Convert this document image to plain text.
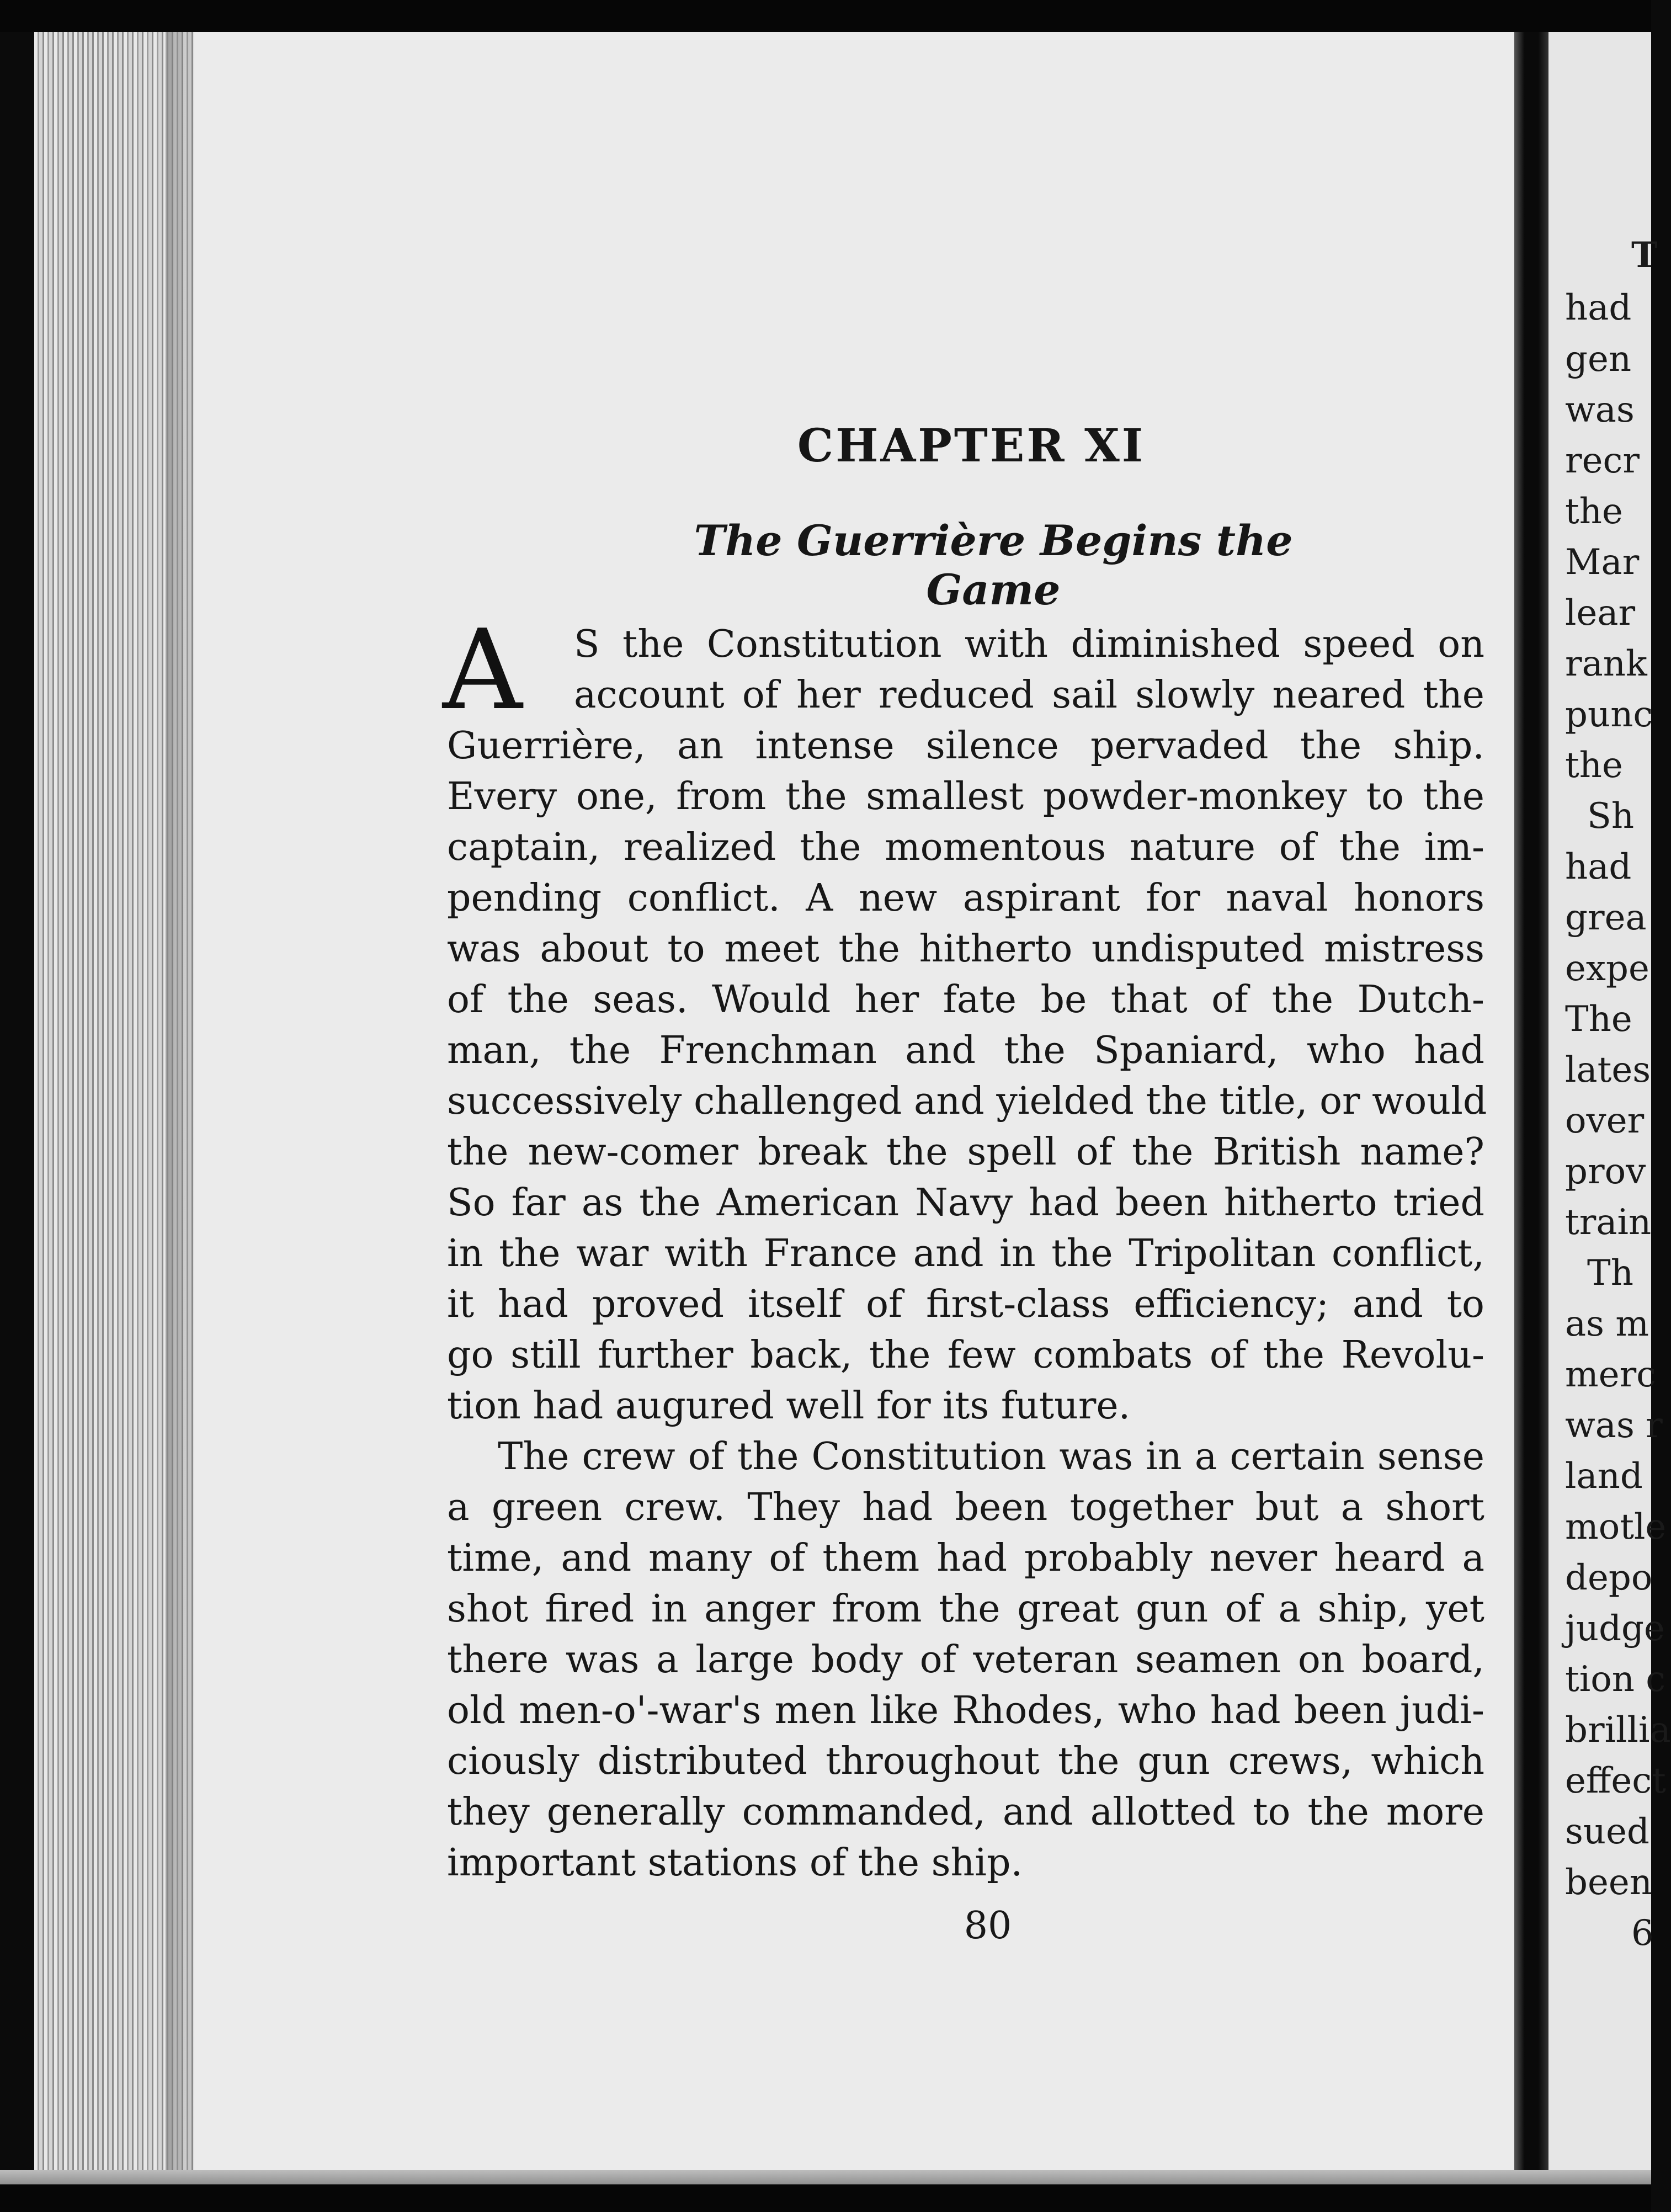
CHAPTER XI
The Guerrière Begins the Game
A	S the Constitution with diminished speed on
account of her reduced sail slowly neared the
Guerrière, an intense silence pervaded the ship.
Every one, from the smallest powder-monkey to the
captain, realized the momentous nature of the im-
pending conflict. A new aspirant for naval honors
was about to meet the hitherto undisputed mistress
of the seas. Would her fate be that of the Dutch-
man, the Frenchman and the Spaniard, who had
successively challenged and yielded the title, or would
the new-comer break the spell of the British name?
So far as the American Navy had been hitherto tried
in the war with France and in the Tripolitan conflict,
it had proved itself of first-class efficiency; and to
go still further back, the few combats of the Revolu-
tion had augured well for its future.
The crew of the Constitution was in a certain sense
a green crew. They had been together but a short
time, and many of them had probably never heard a
shot fired in anger from the great gun of a ship, yet
there was a large body of veteran seamen on board,
old men-o'-war's men like Rhodes, who had been judi-
ciously distributed throughout the gun crews, which
they generally commanded, and allotted to the more
important stations of the ship.

80

T
had
gen
was
recr
the
Mar
lear
rank
punc
the
Sh
had
grea
expe
The
lates
over
prov
train
Th
as m
merc
was r
land
motle
depo
judge
tion c
brillia
effect
sued
been
6
